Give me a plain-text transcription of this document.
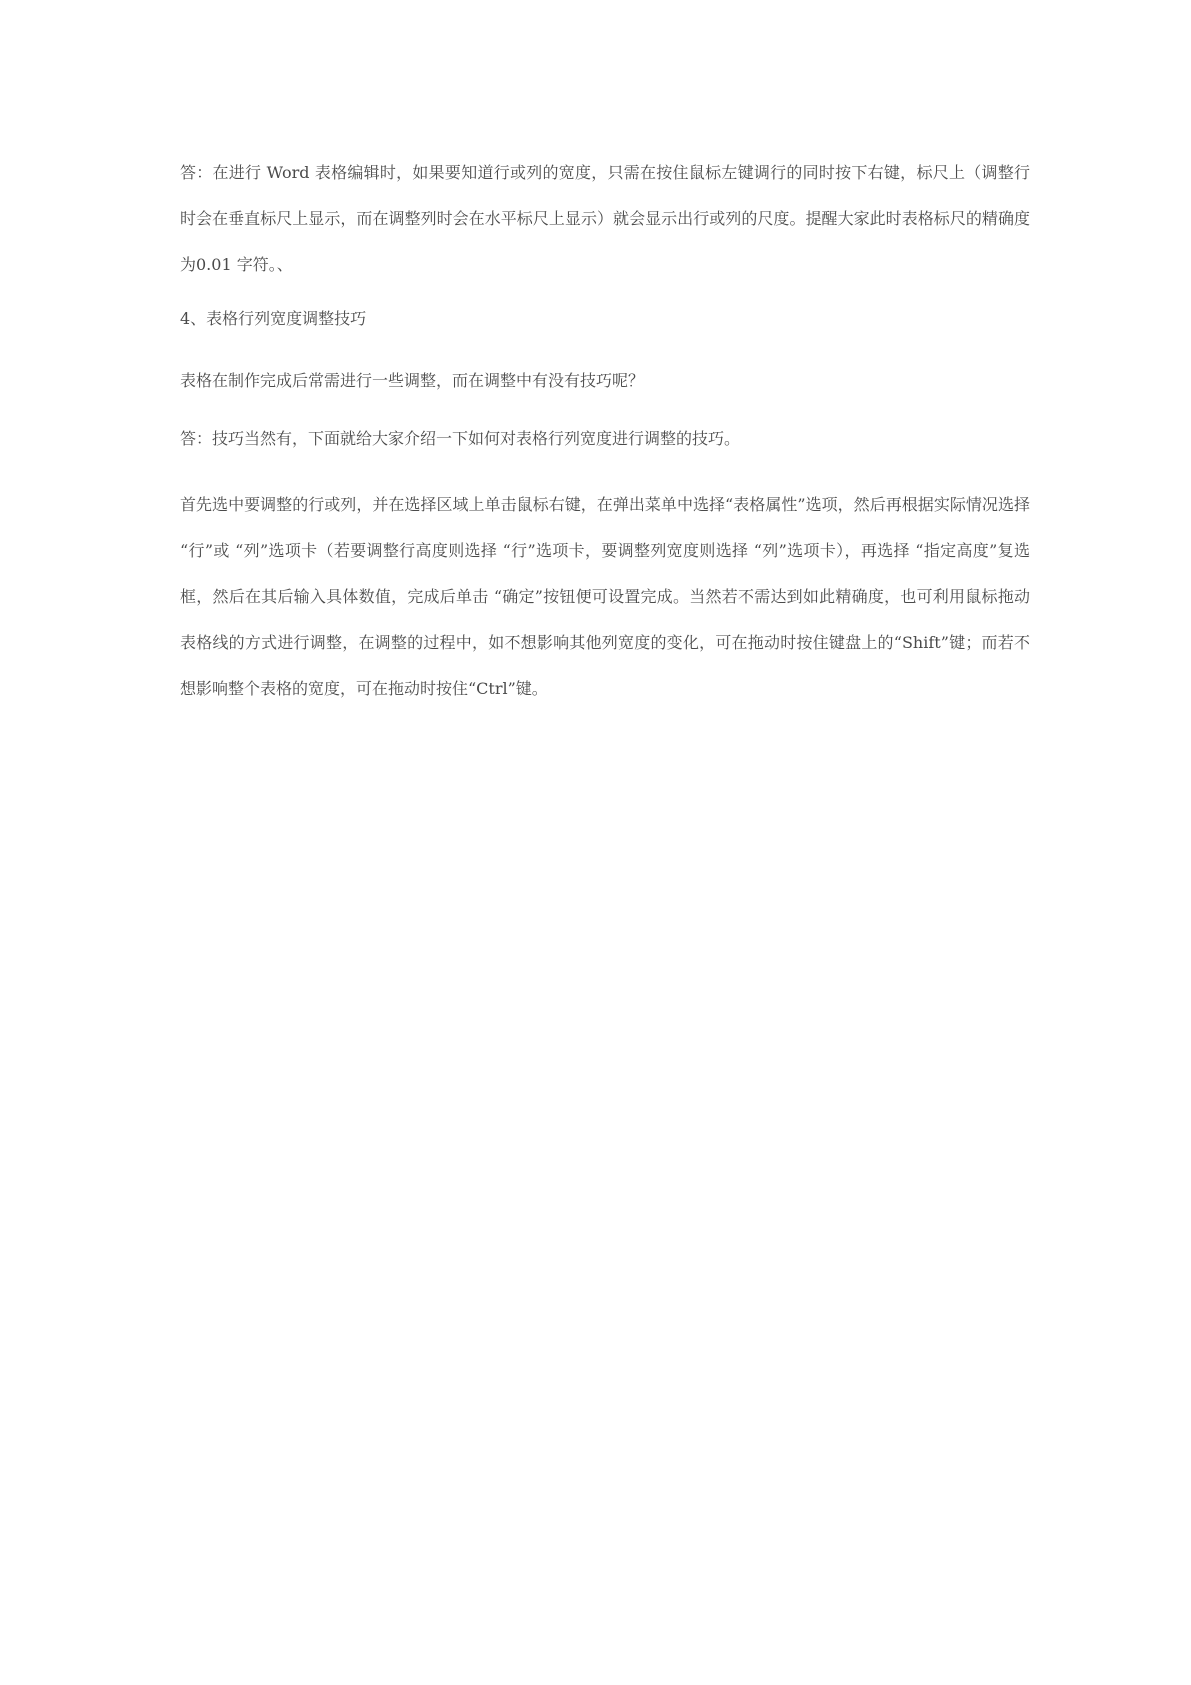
答：在进行 Word 表格编辑时，如果要知道行或列的宽度，只需在按住鼠标左键调行的同时按下右键，标尺上（调整行时会在垂直标尺上显示，而在调整列时会在水平标尺上显示）就会显示出行或列的尺度。提醒大家此时表格标尺的精确度为0.01 字符。、

4、表格行列宽度调整技巧

表格在制作完成后常需进行一些调整，而在调整中有没有技巧呢？

答：技巧当然有，下面就给大家介绍一下如何对表格行列宽度进行调整的技巧。

首先选中要调整的行或列，并在选择区域上单击鼠标右键，在弹出菜单中选择“表格属性”选项，然后再根据实际情况选择 “行”或 “列”选项卡（若要调整行高度则选择 “行”选项卡，要调整列宽度则选择 “列”选项卡），再选择 “指定高度”复选框，然后在其后输入具体数值，完成后单击 “确定”按钮便可设置完成。当然若不需达到如此精确度，也可利用鼠标拖动表格线的方式进行调整，在调整的过程中，如不想影响其他列宽度的变化，可在拖动时按住键盘上的“Shift”键；而若不想影响整个表格的宽度，可在拖动时按住“Ctrl”键。
